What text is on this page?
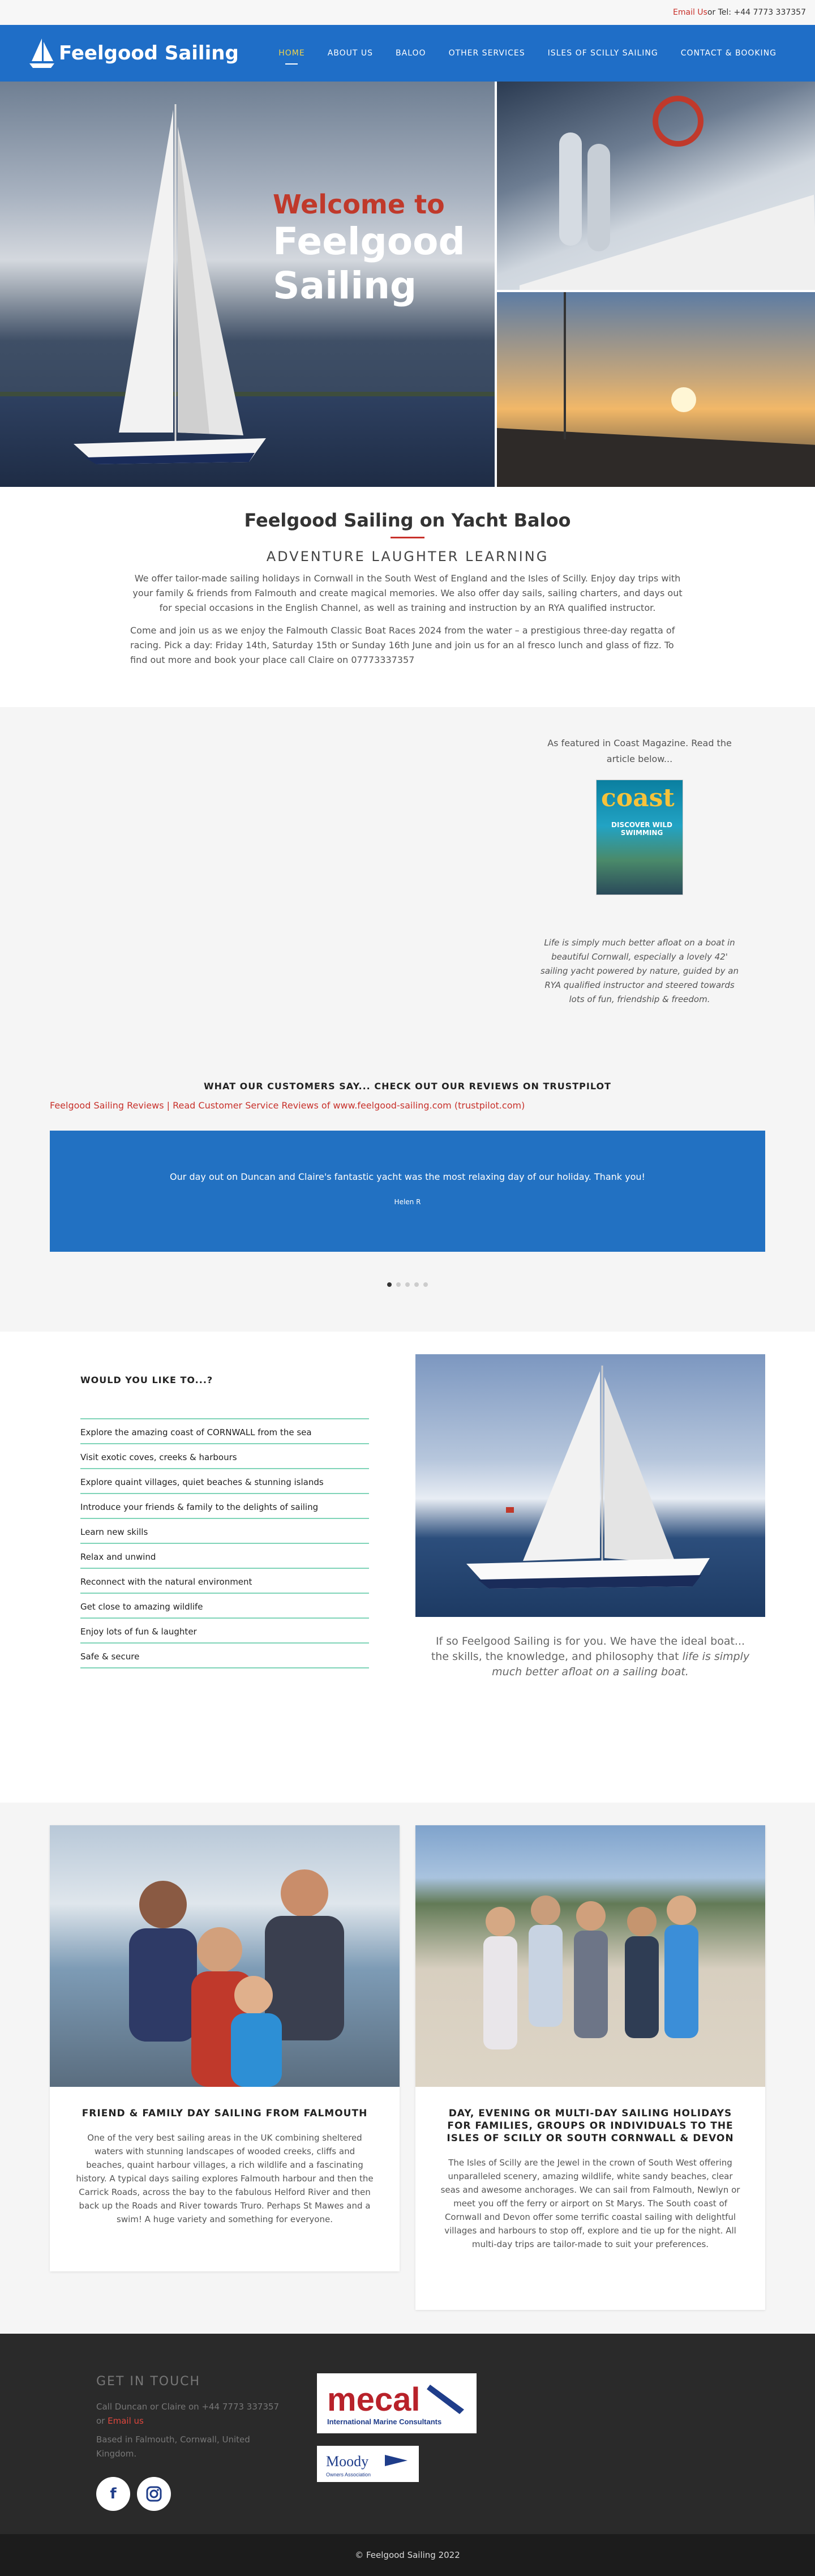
Email Us or Tel: +44 7773 337357
Feelgood Sailing	HOME	ABOUT US	BALOO	OTHER SERVICES	ISLES OF SCILLY SAILING	CONTACT & BOOKING
Welcome to
Feelgood
Sailing
Feelgood Sailing on Yacht Baloo
ADVENTURE LAUGHTER LEARNING

We offer tailor-made sailing holidays in Cornwall in the South West of England and the Isles of Scilly. Enjoy day trips with your family & friends from Falmouth and create magical memories. We also offer day sails, sailing charters, and days out for special occasions in the English Channel, as well as training and instruction by an RYA qualified instructor.

Come and join us as we enjoy the Falmouth Classic Boat Races 2024 from the water – a prestigious three-day regatta of racing. Pick a day: Friday 14th, Saturday 15th or Sunday 16th June and join us for an al fresco lunch and glass of fizz. To find out more and book your place call Claire on 07773337357

As featured in Coast Magazine. Read the article below...
coast
DISCOVER WILD SWIMMING
Life is simply much better afloat on a boat in beautiful Cornwall, especially a lovely 42' sailing yacht powered by nature, guided by an RYA qualified instructor and steered towards lots of fun, friendship & freedom.
WHAT OUR CUSTOMERS SAY... CHECK OUT OUR REVIEWS ON TRUSTPILOT
Feelgood Sailing Reviews | Read Customer Service Reviews of www.feelgood-sailing.com (trustpilot.com)
Our day out on Duncan and Claire's fantastic yacht was the most relaxing day of our holiday. Thank you!
Helen R
WOULD YOU LIKE TO...?
Explore the amazing coast of CORNWALL from the sea
Visit exotic coves, creeks & harbours
Explore quaint villages, quiet beaches & stunning islands
Introduce your friends & family to the delights of sailing
Learn new skills
Relax and unwind
Reconnect with the natural environment
Get close to amazing wildlife
Enjoy lots of fun & laughter
Safe & secure
If so Feelgood Sailing is for you. We have the ideal boat... the skills, the knowledge, and philosophy that life is simply much better afloat on a sailing boat.
FRIEND & FAMILY DAY SAILING FROM FALMOUTH

One of the very best sailing areas in the UK combining sheltered waters with stunning landscapes of wooded creeks, cliffs and beaches, quaint harbour villages, a rich wildlife and a fascinating history. A typical days sailing explores Falmouth harbour and then the Carrick Roads, across the bay to the fabulous Helford River and then back up the Roads and River towards Truro. Perhaps St Mawes and a swim! A huge variety and something for everyone.

DAY, EVENING OR MULTI-DAY SAILING HOLIDAYS FOR FAMILIES, GROUPS OR INDIVIDUALS TO THE ISLES OF SCILLY OR SOUTH CORNWALL & DEVON

The Isles of Scilly are the Jewel in the crown of South West offering unparalleled scenery, amazing wildlife, white sandy beaches, clear seas and awesome anchorages. We can sail from Falmouth, Newlyn or meet you off the ferry or airport on St Marys. The South coast of Cornwall and Devon offer some terrific coastal sailing with delightful villages and harbours to stop off, explore and tie up for the night. All multi-day trips are tailor-made to suit your preferences.

GET IN TOUCH

Call Duncan or Claire on +44 7773 337357

or Email us

Based in Falmouth, Cornwall, United Kingdom.

f
mecal
International Marine Consultants
Moody
Owners Association
© Feelgood Sailing 2022
